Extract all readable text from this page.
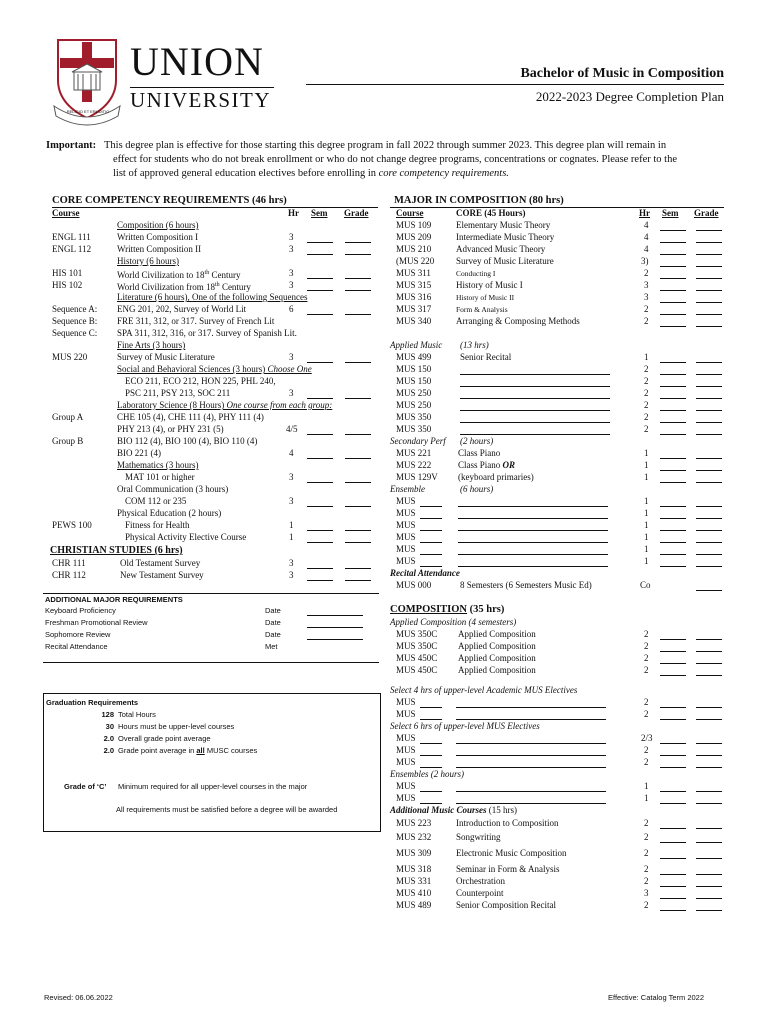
RELIGIO ET ERUDITIO
UNION
UNIVERSITY
Bachelor of Music in Composition
2022-2023 Degree Completion Plan
Important: This degree plan is effective for those starting this degree program in fall 2022 through summer 2023. This degree plan will remain in
effect for students who do not break enrollment or who do not change degree programs, concentrations or cognates. Please refer to the
list of approved general education electives before enrolling in core competency requirements.
CORE COMPETENCY REQUIREMENTS (46 hrs)
Course	Hr Sem Grade
Composition (6 hours)
ENGL 111	Written Composition I	3
ENGL 112	Written Composition II	3
History (6 hours)
HIS 101	World Civilization to 18th Century	3
HIS 102	World Civilization from 18th Century	3
Literature (6 hours), One of the following Sequences
Sequence A: ENG 201, 202, Survey of World Lit	6
Sequence B: FRE 311, 312, or 317. Survey of French Lit
Sequence C: SPA 311, 312, 316, or 317. Survey of Spanish Lit.
Fine Arts (3 hours)
MUS 220	Survey of Music Literature	3
Social and Behavioral Sciences (3 hours) Choose One
ECO 211, ECO 212, HON 225, PHL 240,
PSC 211, PSY 213, SOC 211	3
Laboratory Science (8 Hours) One course from each group:
Group A	CHE 105 (4), CHE 111 (4), PHY 111 (4)
PHY 213 (4), or PHY 231 (5)	4/5
Group B	BIO 112 (4), BIO 100 (4), BIO 110 (4)
BIO 221 (4)	4
Mathematics (3 hours)
MAT 101 or higher	3
Oral Communication (3 hours)
COM 112 or 235	3
Physical Education (2 hours)
PEWS 100	Fitness for Health	1
Physical Activity Elective Course	1
CHRISTIAN STUDIES (6 hrs)
CHR 111	Old Testament Survey	3
CHR 112	New Testament Survey	3
ADDITIONAL MAJOR REQUIREMENTS
Keyboard Proficiency	Date
Freshman Promotional Review	Date
Sophomore Review	Date
Recital Attendance	Met
Graduation Requirements
128 Total Hours
30 Hours must be upper-level courses
2.0 Overall grade point average
2.0 Grade point average in all MUSC courses
Grade of ‘C’ Minimum required for all upper-level courses in the major
All requirements must be satisfied before a degree will be awarded
MAJOR IN COMPOSITION (80 hrs)
Course	CORE (45 Hours)	Hr Sem Grade
MUS 109	Elementary Music Theory	4
MUS 209	Intermediate Music Theory	4
MUS 210	Advanced Music Theory	4
(MUS 220 Survey of Music Literature	3)
MUS 311	Conducting I	2
MUS 315	History of Music I	3
MUS 316	History of Music II	3
MUS 317	Form & Analysis	2
MUS 340	Arranging & Composing Methods	2
Applied Music (13 hrs)
MUS 499	Senior Recital	1
MUS 150	2
MUS 150	2
MUS 250	2
MUS 250	2
MUS 350	2
MUS 350	2
Secondary Perf (2 hours)
MUS 221	Class Piano	1
MUS 222	Class Piano OR	1
MUS 129V (keyboard primaries)	1
Ensemble	(6 hours)
MUS	1
MUS	1
MUS	1
MUS	1
MUS	1
MUS	1
Recital Attendance
MUS 000	8 Semesters (6 Semesters Music Ed)	Co
COMPOSITION (35 hrs)
Applied Composition (4 semesters)
MUS 350C Applied Composition	2
MUS 350C Applied Composition	2
MUS 450C Applied Composition	2
MUS 450C Applied Composition	2
Select 4 hrs of upper-level Academic MUS Electives
MUS	2
MUS	2
Select 6 hrs of upper-level MUS Electives
MUS	2/3
MUS	2
MUS	2
Ensembles (2 hours)
MUS	1
MUS	1
Additional Music Courses (15 hrs)
MUS 223	Introduction to Composition	2
MUS 232	Songwriting	2
MUS 309	Electronic Music Composition	2
MUS 318	Seminar in Form & Analysis	2
MUS 331	Orchestration	2
MUS 410	Counterpoint	3
MUS 489	Senior Composition Recital	2
Revised: 06.06.2022	Effective: Catalog Term 2022
